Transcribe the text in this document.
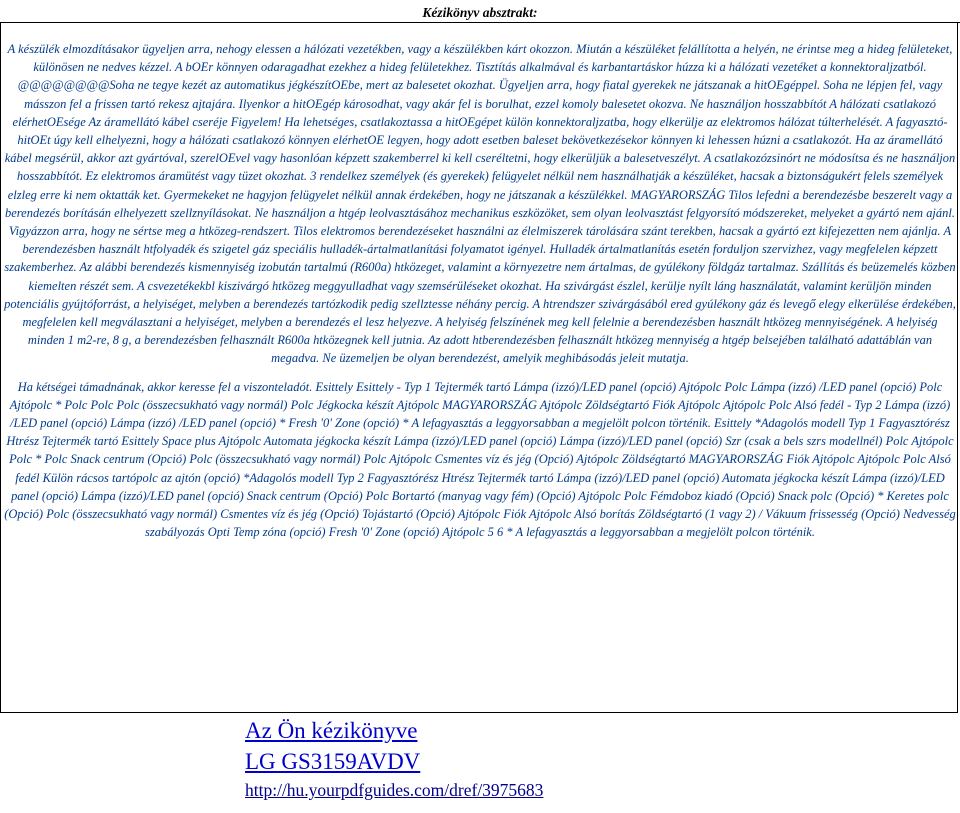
Kézikönyv absztrakt:

A készülék elmozdításakor ügyeljen arra, nehogy elessen a hálózati vezetékben, vagy a készülékben kárt okozzon. Miután a készüléket felállította a helyén, ne érintse meg a hideg felületeket, különösen ne nedves kézzel. A bOEr könnyen odaragadhat ezekhez a hideg felületekhez. Tisztítás alkalmával és karbantartáskor húzza ki a hálózati vezetéket a konnektoraljzatból. @@@@@@@@Soha ne tegye kezét az automatikus jégkészítOEbe, mert az balesetet okozhat. Ügyeljen arra, hogy fiatal gyerekek ne játszanak a hitOEgéppel. Soha ne lépjen fel, vagy másszon fel a frissen tartó rekesz ajtajára. Ilyenkor a hitOEgép károsodhat, vagy akár fel is borulhat, ezzel komoly balesetet okozva. Ne használjon hosszabbítót A hálózati csatlakozó elérhetOEsége Az áramellátó kábel cseréje Figyelem! Ha lehetséges, csatlakoztassa a hitOEgépet külön konnektoraljzatba, hogy elkerülje az elektromos hálózat túlterhelését. A fagyasztó-hitOEt úgy kell elhelyezni, hogy a hálózati csatlakozó könnyen elérhetOE legyen, hogy adott esetben baleset bekövetkezésekor könnyen ki lehessen húzni a csatlakozót. Ha az áramellátó kábel megsérül, akkor azt gyártóval, szerelOEvel vagy hasonlóan képzett szakemberrel ki kell cseréltetni, hogy elkerüljük a balesetveszélyt. A csatlakozózsinórt ne módosítsa és ne használjon hosszabbítót. Ez elektromos áramütést vagy tüzet okozhat. 3 rendelkez személyek (és gyerekek) felügyelet nélkül nem használhatják a készüléket, hacsak a biztonságukért felels személyek elzleg erre ki nem oktatták ket. Gyermekeket ne hagyjon felügyelet nélkül annak érdekében, hogy ne játszanak a készülékkel. MAGYARORSZÁG Tilos lefedni a berendezésbe beszerelt vagy a berendezés borításán elhelyezett szellznyílásokat. Ne használjon a htgép leolvasztásához mechanikus eszközöket, sem olyan leolvasztást felgyorsító módszereket, melyeket a gyártó nem ajánl. Vigyázzon arra, hogy ne sértse meg a htközeg-rendszert. Tilos elektromos berendezéseket használni az élelmiszerek tárolására szánt terekben, hacsak a gyártó ezt kifejezetten nem ajánlja. A berendezésben használt htfolyadék és szigetel gáz speciális hulladék-ártalmatlanítási folyamatot igényel. Hulladék ártalmatlanítás esetén forduljon szervizhez, vagy megfelelen képzett szakemberhez. Az alábbi berendezés kismennyiség izobután tartalmú (R600a) htközeget, valamint a környezetre nem ártalmas, de gyúlékony földgáz tartalmaz. Szállítás és beüzemelés közben kiemelten részét sem. A csvezetékekbl kiszivárgó htközeg meggyulladhat vagy szemsérüléseket okozhat. Ha szivárgást észlel, kerülje nyílt láng használatát, valamint kerüljön minden potenciális gyújtóforrást, a helyiséget, melyben a berendezés tartózkodik pedig szellztesse néhány percig. A htrendszer szivárgásából ered gyúlékony gáz és levegő elegy elkerülése érdekében, megfelelen kell megválasztani a helyiséget, melyben a berendezés el lesz helyezve. A helyiség felszínének meg kell felelnie a berendezésben használt htközeg mennyiségének. A helyiség minden 1 m2-re, 8 g, a berendezésben felhasznált R600a htközegnek kell jutnia. Az adott htberendezésben felhasznált htközeg mennyiség a htgép belsejében található adattáblán van megadva. Ne üzemeljen be olyan berendezést, amelyik meghibásodás jeleit mutatja.

Ha kétségei támadnának, akkor keresse fel a viszonteladót. Esittely Esittely - Typ 1 Tejtermék tartó Lámpa (izzó)/LED panel (opció) Ajtópolc Polc Lámpa (izzó) /LED panel (opció) Polc Ajtópolc * Polc Polc Polc (összecsukható vagy normál) Polc Jégkocka készít Ajtópolc MAGYARORSZÁG Ajtópolc Zöldségtartó Fiók Ajtópolc Ajtópolc Polc Alsó fedél - Typ 2 Lámpa (izzó) /LED panel (opció) Lámpa (izzó) /LED panel (opció) * Fresh '0' Zone (opció) * A lefagyasztás a leggyorsabban a megjelölt polcon történik. Esittely *Adagolós modell Typ 1 Fagyasztórész Htrész Tejtermék tartó Esittely Space plus Ajtópolc Automata jégkocka készít Lámpa (izzó)/LED panel (opció) Lámpa (izzó)/LED panel (opció) Szr (csak a bels szrs modellnél) Polc Ajtópolc Polc * Polc Snack centrum (Opció) Polc (összecsukható vagy normál) Polc Ajtópolc Csmentes víz és jég (Opció) Ajtópolc Zöldségtartó MAGYARORSZÁG Fiók Ajtópolc Ajtópolc Polc Alsó fedél Külön rácsos tartópolc az ajtón (opció) *Adagolós modell Typ 2 Fagyasztórész Htrész Tejtermék tartó Lámpa (izzó)/LED panel (opció) Automata jégkocka készít Lámpa (izzó)/LED panel (opció) Lámpa (izzó)/LED panel (opció) Snack centrum (Opció) Polc Bortartó (manyag vagy fém) (Opció) Ajtópolc Polc Fémdoboz kiadó (Opció) Snack polc (Opció) * Keretes polc (Opció) Polc (összecsukható vagy normál) Csmentes víz és jég (Opció) Tojástartó (Opció) Ajtópolc Fiók Ajtópolc Alsó borítás Zöldségtartó (1 vagy 2) / Vákuum frissesség (Opció) Nedvesség szabályozás Opti Temp zóna (opció) Fresh '0' Zone (opció) Ajtópolc 5 6 * A lefagyasztás a leggyorsabban a megjelölt polcon történik.

Az Ön kézikönyve
LG GS3159AVDV
http://hu.yourpdfguides.com/dref/3975683
